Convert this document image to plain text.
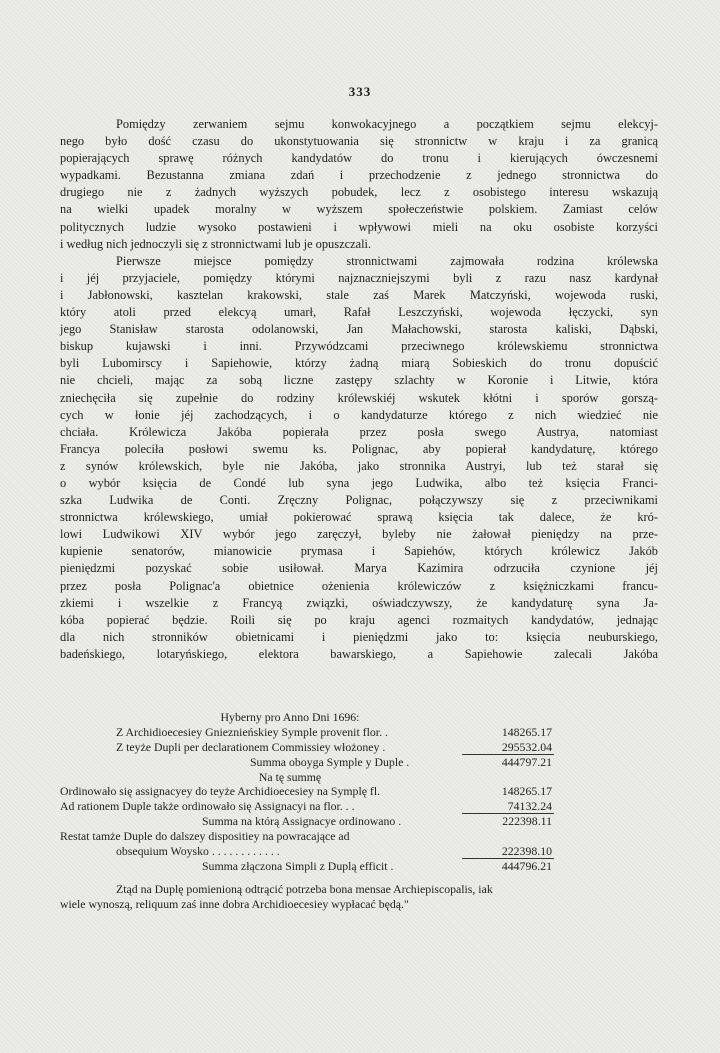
333
Pomiędzy zerwaniem sejmu konwokacyjnego a początkiem sejmu elekcyj-
nego było dość czasu do ukonstytuowania się stronnictw w kraju i za granicą
popierających sprawę różnych kandydatów do tronu i kierujących ówczesnemi
wypadkami. Bezustanna zmiana zdań i przechodzenie z jednego stronnictwa do
drugiego nie z żadnych wyższych pobudek, lecz z osobistego interesu wskazują
na wielki upadek moralny w wyższem społeczeństwie polskiem. Zamiast celów
politycznych ludzie wysoko postawieni i wpływowi mieli na oku osobiste korzyści
i według nich jednoczyli się z stronnictwami lub je opuszczali.
Pierwsze miejsce pomiędzy stronnictwami zajmowała rodzina królewska
i jéj przyjaciele, pomiędzy którymi najznaczniejszymi byli z razu nasz kardynał
i Jabłonowski, kasztelan krakowski, stale zaś Marek Matczyński, wojewoda ruski,
który atoli przed elekcyą umarł, Rafał Leszczyński, wojewoda łęczycki, syn
jego Stanisław starosta odolanowski, Jan Małachowski, starosta kaliski, Dąbski,
biskup kujawski i inni. Przywódzcami przeciwnego królewskiemu stronnictwa
byli Lubomirscy i Sapiehowie, którzy żadną miarą Sobieskich do tronu dopuścić
nie chcieli, mając za sobą liczne zastępy szlachty w Koronie i Litwie, która
zniechęciła się zupełnie do rodziny królewskiéj wskutek kłótni i sporów gorszą-
cych w łonie jéj zachodzących, i o kandydaturze którego z nich wiedzieć nie
chciała. Królewicza Jakóba popierała przez posła swego Austrya, natomiast
Francya poleciła posłowi swemu ks. Polignac, aby popierał kandydaturę, którego
z synów królewskich, byle nie Jakóba, jako stronnika Austryi, lub też starał się
o wybór księcia de Condé lub syna jego Ludwika, albo też księcia Franci-
szka Ludwika de Conti. Zręczny Polignac, połączywszy się z przeciwnikami
stronnictwa królewskiego, umiał pokierować sprawą księcia tak dalece, że kró-
lowi Ludwikowi XIV wybór jego zaręczył, byleby nie żałował pieniędzy na prze-
kupienie senatorów, mianowicie prymasa i Sapiehów, których królewicz Jakób
pieniędzmi pozyskać sobie usiłował. Marya Kazimira odrzuciła czynione jéj
przez posła Polignac'a obietnice ożenienia królewiczów z księżniczkami francu-
zkiemi i wszelkie z Francyą związki, oświadczywszy, że kandydaturę syna Ja-
kóba popierać będzie. Roili się po kraju agenci rozmaitych kandydatów, jednając
dla nich stronników obietnicami i pieniędzmi jako to: księcia neuburskiego,
badeńskiego, lotaryńskiego, elektora bawarskiego, a Sapiehowie zalecali Jakóba
Hyberny pro Anno Dni 1696:
Z Archidioecesiey Gnieznieńskiey Symple provenit flor. .	148265.17
Z teyże Dupli per declarationem Commissiey włożoney .	295532.04
Summa oboyga Symple y Duple .	444797.21
Na tę summę
Ordinowało się assignacyey do teyże Archidioecesiey na Symplę fl.	148265.17
Ad rationem Duple także ordinowało się Assignacyi na flor. . .	74132.24
Summa na którą Assignacye ordinowano .	222398.11
Restat tamże Duple do dalszey dispositiey na powracające ad
obsequium Woysko . . . . . . . . . . . .	222398.10
Summa złączona Simpli z Duplą efficit .	444796.21
Ztąd na Duplę pomienioną odtrącić potrzeba bona mensae Archiepiscopalis, iak
wiele wynoszą, reliquum zaś inne dobra Archidioecesiey wypłacać będą."
